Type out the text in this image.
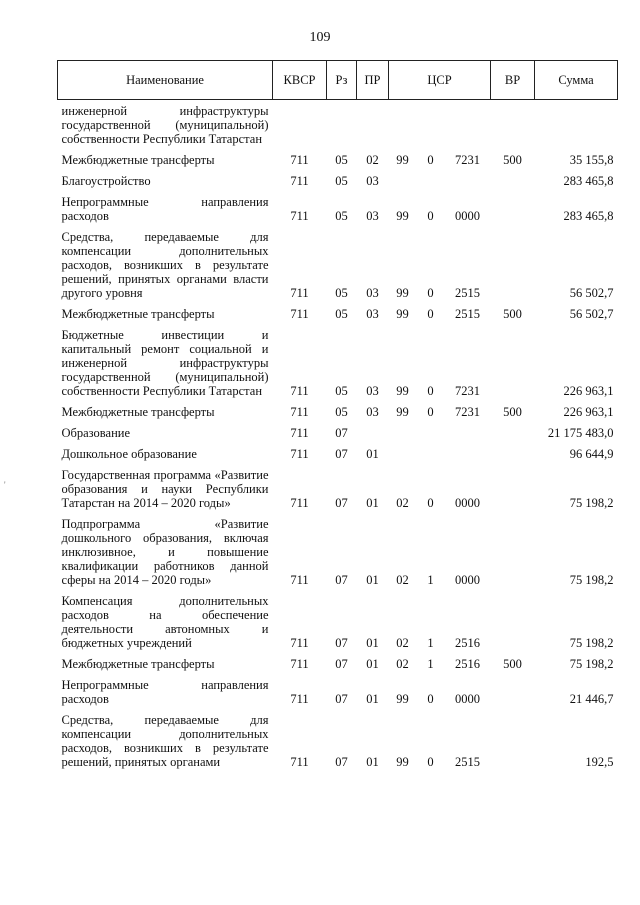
109
Наименование	КВСР	Рз	ПР	ЦСР			ВР	Сумма
инженерной инфраструктуры государственной (муниципальной) собственности Республики Татарстан								
Межбюджетные трансферты	711	05	02	99	0	7231	500	35 155,8
Благоустройство	711	05	03					283 465,8
Непрограммные направления расходов	711	05	03	99	0	0000		283 465,8
Средства, передаваемые для компенсации дополнительных расходов, возникших в результате решений, принятых органами власти другого уровня	711	05	03	99	0	2515		56 502,7
Межбюджетные трансферты	711	05	03	99	0	2515	500	56 502,7
Бюджетные инвестиции и капитальный ремонт социальной и инженерной инфраструктуры государственной (муниципальной) собственности Республики Татарстан	711	05	03	99	0	7231		226 963,1
Межбюджетные трансферты	711	05	03	99	0	7231	500	226 963,1
Образование	711	07						21 175 483,0
Дошкольное образование	711	07	01					96 644,9
Государственная программа «Развитие образования и науки Республики Татарстан на 2014 – 2020 годы»	711	07	01	02	0	0000		75 198,2
Подпрограмма «Развитие дошкольного образования, включая инклюзивное, и повышение квалификации работников данной сферы на 2014 – 2020 годы»	711	07	01	02	1	0000		75 198,2
Компенсация дополнительных расходов на обеспечение деятельности автономных и бюджетных учреждений	711	07	01	02	1	2516		75 198,2
Межбюджетные трансферты	711	07	01	02	1	2516	500	75 198,2
Непрограммные направления расходов	711	07	01	99	0	0000		21 446,7
Средства, передаваемые для компенсации дополнительных расходов, возникших в результате решений, принятых органами	711	07	01	99	0	2515		192,5
'
